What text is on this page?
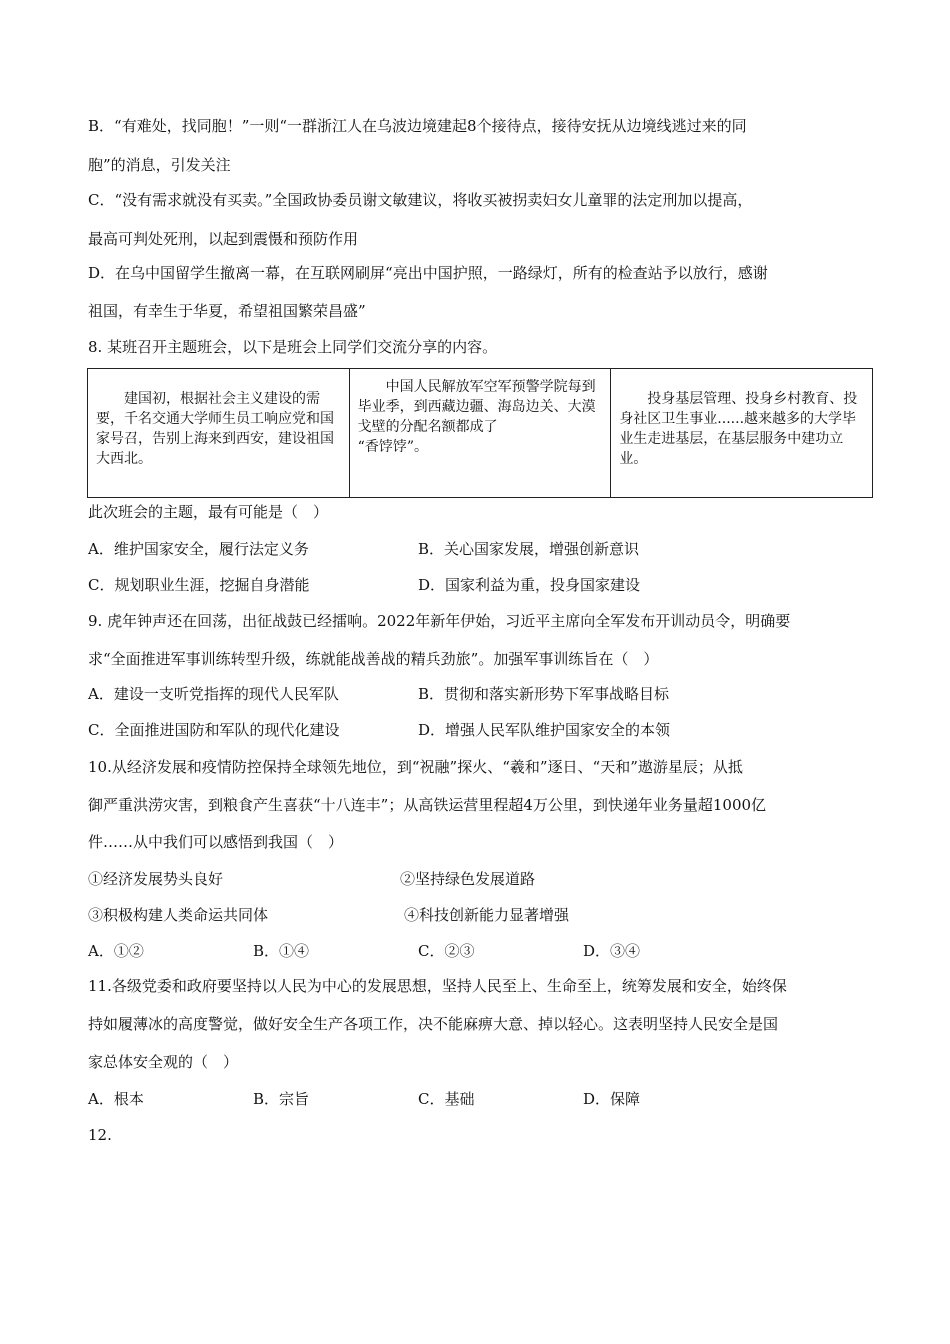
B．“有难处，找同胞！”一则“一群浙江人在乌波边境建起8个接待点，接待安抚从边境线逃过来的同
胞”的消息，引发关注
C．“没有需求就没有买卖。”全国政协委员谢文敏建议，将收买被拐卖妇女儿童罪的法定刑加以提高，
最高可判处死刑，以起到震慑和预防作用
D．在乌中国留学生撤离一幕，在互联网刷屏“亮出中国护照，一路绿灯，所有的检查站予以放行，感谢
祖国，有幸生于华夏，希望祖国繁荣昌盛”
8. 某班召开主题班会，以下是班会上同学们交流分享的内容。
　　建国初，根据社会主义建设的需要，千名交通大学师生员工响应党和国家号召，告别上海来到西安，建设祖国大西北。	　　中国人民解放军空军预警学院每到毕业季，到西藏边疆、海岛边关、大漠戈壁的分配名额都成了
“香饽饽”。	　　投身基层管理、投身乡村教育、投身社区卫生事业......越来越多的大学毕业生走进基层，在基层服务中建功立业。
此次班会的主题，最有可能是（　）
A．维护国家安全，履行法定义务	B．关心国家发展，增强创新意识
C．规划职业生涯，挖掘自身潜能	D．国家利益为重，投身国家建设
9. 虎年钟声还在回荡，出征战鼓已经擂响。2022年新年伊始，习近平主席向全军发布开训动员令，明确要
求“全面推进军事训练转型升级，练就能战善战的精兵劲旅”。加强军事训练旨在（　）
A．建设一支听党指挥的现代人民军队	B．贯彻和落实新形势下军事战略目标
C．全面推进国防和军队的现代化建设	D．增强人民军队维护国家安全的本领
10.从经济发展和疫情防控保持全球领先地位，到“祝融”探火、“羲和”逐日、“天和”遨游星辰；从抵
御严重洪涝灾害，到粮食产生喜获“十八连丰”；从高铁运营里程超4万公里，到快递年业务量超1000亿
件……从中我们可以感悟到我国（　）
①经济发展势头良好	②坚持绿色发展道路
③积极构建人类命运共同体	④科技创新能力显著增强
A．①②	B．①④	C．②③	D．③④
11.各级党委和政府要坚持以人民为中心的发展思想，坚持人民至上、生命至上，统筹发展和安全，始终保
持如履薄冰的高度警觉，做好安全生产各项工作，决不能麻痹大意、掉以轻心。这表明坚持人民安全是国
家总体安全观的（　）
A．根本	B．宗旨	C．基础	D．保障
12.
